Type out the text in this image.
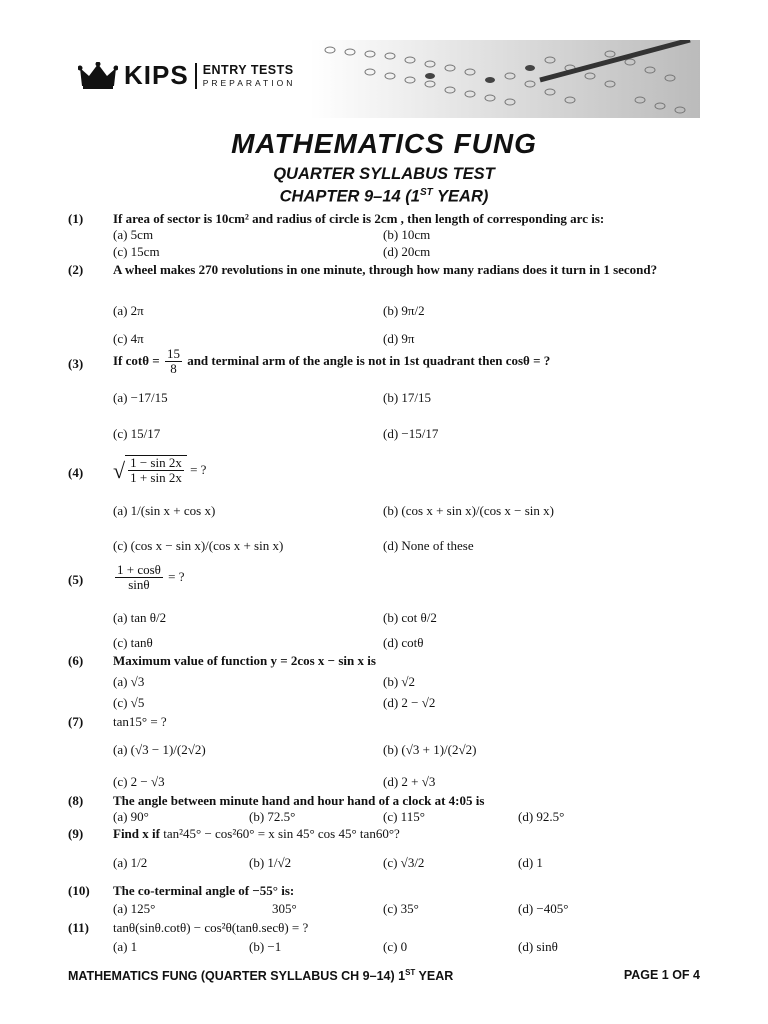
KIPS ENTRY TESTS
PREPARATION
MATHEMATICS FUNG
QUARTER SYLLABUS TEST
CHAPTER 9–14 (1ST YEAR)
(1) If area of sector is 10cm² and radius of circle is 2cm , then length of corresponding arc is:
(a) 5cm	(b) 10cm
(c) 15cm	(d) 20cm
(2) A wheel makes 270 revolutions in one minute, through how many radians does it turn in 1 second?
(a) 2π	(b) 9π/2
(c) 4π	(d) 9π
(3) If $\cot\theta = \frac{15}{8}$ and terminal arm of the angle is not in 1st quadrant then cosθ = ?
(a) −17/15	(b) 17/15
(c) 15/17	(d) −15/17
(4) √ $\frac{1 - \sin 2x}{1 + \sin 2x}$ = ?
(a) 1/(sin x + cos x)	(b) (cos x + sin x)/(cos x − sin x)
(c) (cos x − sin x)/(cos x + sin x)	(d) None of these
$(5) \frac{1 + \cos\theta}{\sin\theta}$ = ?
(a) tan θ/2	(b) cot θ/2
(c) tanθ	(d) cotθ
(6) Maximum value of function y = 2cos x − sin x is
(a) √3	(b) √2
(c) √5	(d) 2 − √2
(7) tan15° = ?
(a) (√3 − 1)/(2√2)	(b) (√3 + 1)/(2√2)
(c) 2 − √3	(d) 2 + √3
(8) The angle between minute hand and hour hand of a clock at 4:05 is
(a) 90°	(b) 72.5°	(c) 115°	(d) 92.5°
(9) Find x if tan²45° − cos²60° = x sin 45° cos 45° tan60°?
(a) 1/2	(b) 1/√2	(c) √3/2	(d) 1
(10) The co-terminal angle of −55° is:
(a) 125°	305°	(c) 35°	(d) −405°
(11) tanθ(sinθ.cotθ) − cos²θ(tanθ.secθ) = ?
(a) 1	(b) −1	(c) 0	(d) sinθ
MATHEMATICS FUNG (QUARTER SYLLABUS CH 9–14) 1ST YEAR	PAGE 1 OF 4
